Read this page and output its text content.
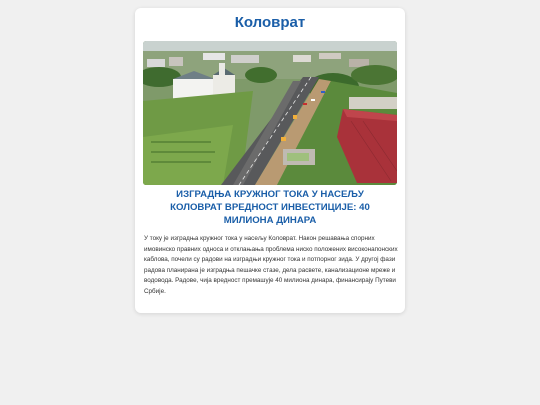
Коловрат
ИЗГРАДЊА КРУЖНОГ ТОКА У НАСЕЉУ КОЛОВРАТ ВРЕДНОСТ ИНВЕСТИЦИЈЕ: 40 МИЛИОНА ДИНАРА
У току је изградња кружног тока у насељу Коловрат. Након решавања спорних имовинско правних односа и отклањања проблема ниско положених високонапонских каблова, почели су радови на изградњи кружног тока и потпорног зида. У другој фази радова планирана је изградња пешачке стазе, дела расвете, канализационе мреже и водовода. Радове, чија вредност премашује 40 милиона динара, финансирају Путеви Србије.
